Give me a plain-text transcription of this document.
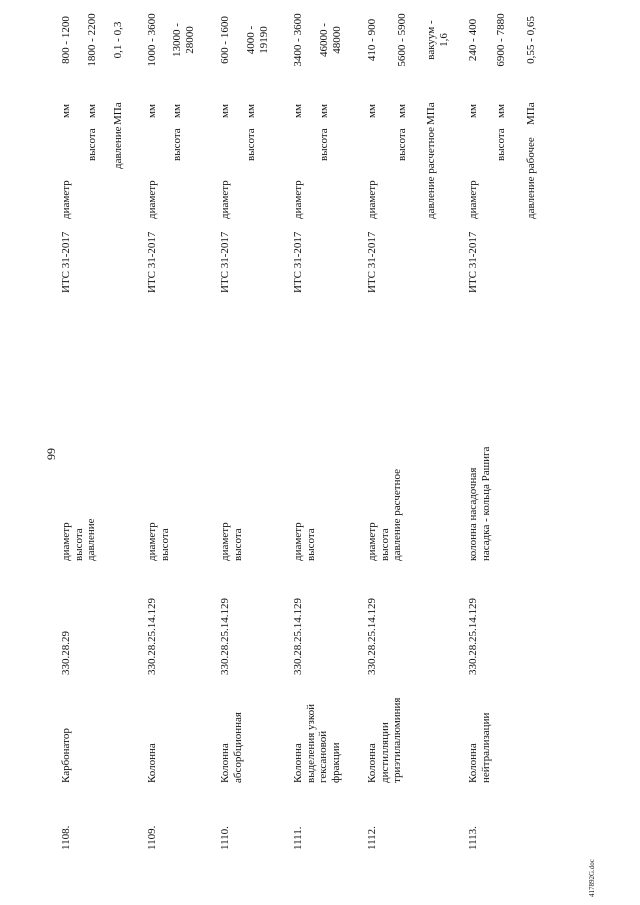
99
417892G.doc
1108.
Карбонатор
330.28.29
диаметр высота давление
ИТС 31-2017
диаметр
мм
800 - 1200
высота
мм
1800 - 2200
давление
МПа
0,1 - 0,3
1109.
Колонна
330.28.25.14.129
диаметр высота
ИТС 31-2017
диаметр
мм
1000 - 3600
высота
мм
13000 -
28000
1110.
Колонна
абсорбционная
330.28.25.14.129
диаметр высота
ИТС 31-2017
диаметр
мм
600 - 1600
высота
мм
4000 -
19190
1111.
Колонна
выделения узкой
гексановой
фракции
330.28.25.14.129
диаметр высота
ИТС 31-2017
диаметр
мм
3400 - 3600
высота
мм
46000 -
48000
1112.
Колонна
дистилляции
триэтилалюминия
330.28.25.14.129
диаметр высота давление расчетное
ИТС 31-2017
диаметр
мм
410 - 900
высота
мм
5600 - 5900
давление расчетное
МПа
вакуум -
1,6
1113.
Колонна
нейтрализации
330.28.25.14.129
колонна насадочная насадка - кольца Рашига
ИТС 31-2017
диаметр
мм
240 - 400
высота
мм
6900 - 7880
давление рабочее
МПа
0,55 - 0,65
